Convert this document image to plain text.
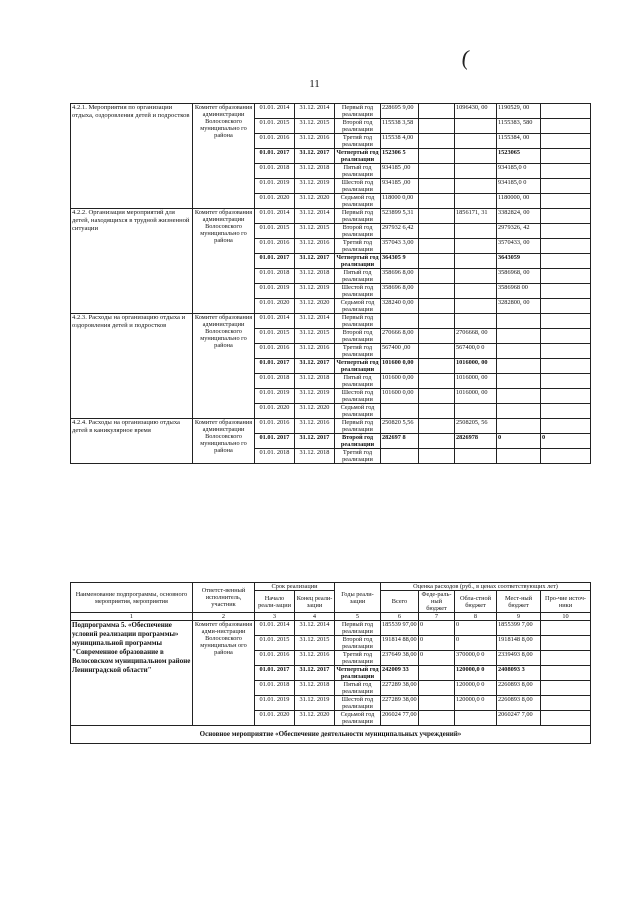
(
11
4.2.1. Мероприятия по организации отдыха, оздоровления детей и подростков	Комитет образования администрации Волосовского муниципально го района	01.01. 2014	31.12. 2014	Первый год реализации	228695 9,00		1096430, 00	1190529, 00	
		01.01. 2015	31.12. 2015	Второй год реализации	115538 3,58			1155383, 580	
		01.01. 2016	31.12. 2016	Третий год реализации	115538 4,00			1155384, 00	
		01.01. 2017	31.12. 2017	Четвертый год реализации	152306 5			1523065	
		01.01. 2018	31.12. 2018	Пятый год реализации	934185 ,00			934185,0 0	
		01.01. 2019	31.12. 2019	Шестой год реализации	934185 ,00			934185,0 0	
		01.01. 2020	31.12. 2020	Седьмой год реализации	118000 0,00			1180000, 00	
4.2.2. Организация мероприятий для детей, находящихся в трудной жизненной ситуации	Комитет образования администрации Волосовского муниципально го района	01.01. 2014	31.12. 2014	Первый год реализации	523899 5,31		1856171, 31	3382824, 00	
		01.01. 2015	31.12. 2015	Второй год реализации	297932 6,42			2979326, 42	
		01.01. 2016	31.12. 2016	Третий год реализации	357043 3,00			3570433, 00	
		01.01. 2017	31.12. 2017	Четвертый год реализации	364305 9			3643059	
		01.01. 2018	31.12. 2018	Пятый год реализации	358696 8,00			3586968, 00	
		01.01. 2019	31.12. 2019	Шестой год реализации	358696 8,00			3586968 00	
		01.01. 2020	31.12. 2020	Седьмой год реализации	328240 0,00			3282800, 00	
4.2.3. Расходы на организацию отдыха и оздоровления детей и подростков	Комитет образования администрации Волосовского муниципально го района	01.01. 2014	31.12. 2014	Первый год реализации					
		01.01. 2015	31.12. 2015	Второй год реализации	270666 8,00		2706668, 00		
		01.01. 2016	31.12. 2016	Третий год реализации	567400 ,00		567400,0 0		
		01.01. 2017	31.12. 2017	Четвертый год реализации	101600 0,00		1016000, 00		
		01.01. 2018	31.12. 2018	Пятый год реализации	101600 0,00		1016000, 00		
		01.01. 2019	31.12. 2019	Шестой год реализации	101600 0,00		1016000, 00		
		01.01. 2020	31.12. 2020	Седьмой год реализации					
4.2.4. Расходы на организацию отдыха детей в каникулярное время	Комитет образования администрации Волосовского муниципально го района	01.01. 2016	31.12. 2016	Первый год реализации	250820 5,56		2508205, 56		
		01.01. 2017	31.12. 2017	Второй год реализации	282697 8		2826978	0	0
		01.01. 2018	31.12. 2018	Третий год реализации					
Наименование подпрограммы, основного мероприятия, мероприятия	Ответст-венный исполнитель, участник	Срок реализации		Годы реали-зации	Оценка расходов (руб., в ценах соответствующих лет)				
		Начало реали-зации	Конец реали-зации		Всего	Феде-раль-ный бюджет	Обла-стной бюджет	Мест-ный бюджет	Про-чие источ-ники
1	2	3	4	5	6	7	8	9	10
Подпрограмма 5. «Обеспечение условий реализации программы» муниципальной программы "Современное образование в Волосовском муниципальном районе Ленинградской области"	Комитет образования адми-нистрации Волосовского муниципальн ого района	01.01. 2014	31.12. 2014	Первый год реализации	185539 97,00	0	0	1855399 7,00	
		01.01. 2015	31.12. 2015	Второй год реализации	191814 88,00	0	0	1918148 8,00	
		01.01. 2016	31.12. 2016	Третий год реализации	237649 38,00	0	370000,0 0	2339493 8,00	
		01.01. 2017	31.12. 2017	Четвертый год реализации	242009 33		120000,0 0	2408093 3	
		01.01. 2018	31.12. 2018	Пятый год реализации	227289 38,00		120000,0 0	2260893 8,00	
		01.01. 2019	31.12. 2019	Шестой год реализации	227289 38,00		120000,0 0	2260893 8,00	
		01.01. 2020	31.12. 2020	Седьмой год реализации	206024 77,00			2060247 7,00	
Основное мероприятие «Обеспечение деятельности муниципальных учреждений»									
